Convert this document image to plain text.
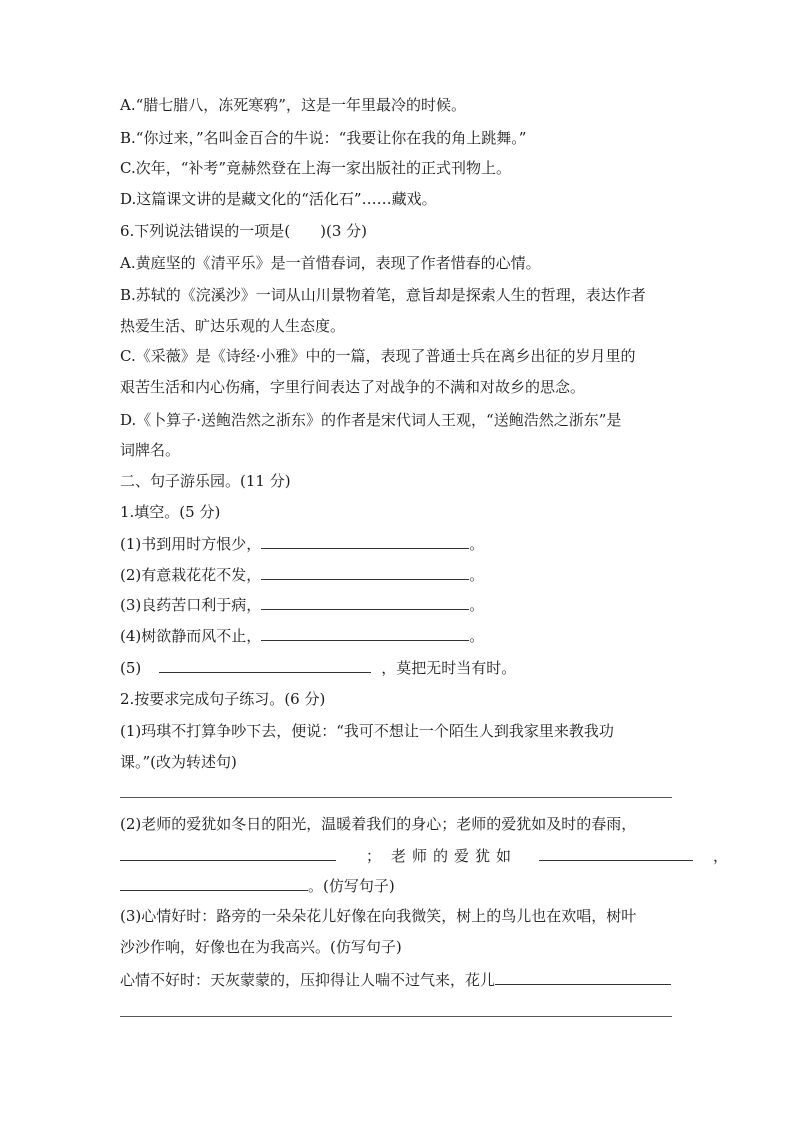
A.“腊七腊八，冻死寒鸦”，这是一年里最冷的时候。
B.“你过来，”名叫金百合的牛说：“我要让你在我的角上跳舞。”
C.次年，“补考”竟赫然登在上海一家出版社的正式刊物上。
D.这篇课文讲的是藏文化的“活化石”……藏戏。
6.下列说法错误的一项是(　　)(3 分)
A.黄庭坚的《清平乐》是一首惜春词，表现了作者惜春的心情。
B.苏轼的《浣溪沙》一词从山川景物着笔，意旨却是探索人生的哲理，表达作者
热爱生活、旷达乐观的人生态度。
C.《采薇》是《诗经·小雅》中的一篇，表现了普通士兵在离乡出征的岁月里的
艰苦生活和内心伤痛，字里行间表达了对战争的不满和对故乡的思念。
D.《卜算子·送鲍浩然之浙东》的作者是宋代词人王观，“送鲍浩然之浙东”是
词牌名。
二、句子游乐园。(11 分)
1.填空。(5 分)
(1)书到用时方恨少，	。
(2)有意栽花花不发，	。
(3)良药苦口利于病，	。
(4)树欲静而风不止，	。
(5)	，莫把无时当有时。
2.按要求完成句子练习。(6 分)
(1)玛琪不打算争吵下去，便说：“我可不想让一个陌生人到我家里来教我功
课。”(改为转述句)
(2)老师的爱犹如冬日的阳光，温暖着我们的身心；老师的爱犹如及时的春雨，
； 老师的爱犹如	，
。(仿写句子)
(3)心情好时：路旁的一朵朵花儿好像在向我微笑，树上的鸟儿也在欢唱，树叶
沙沙作响，好像也在为我高兴。(仿写句子)
心情不好时：天灰蒙蒙的，压抑得让人喘不过气来，花儿
